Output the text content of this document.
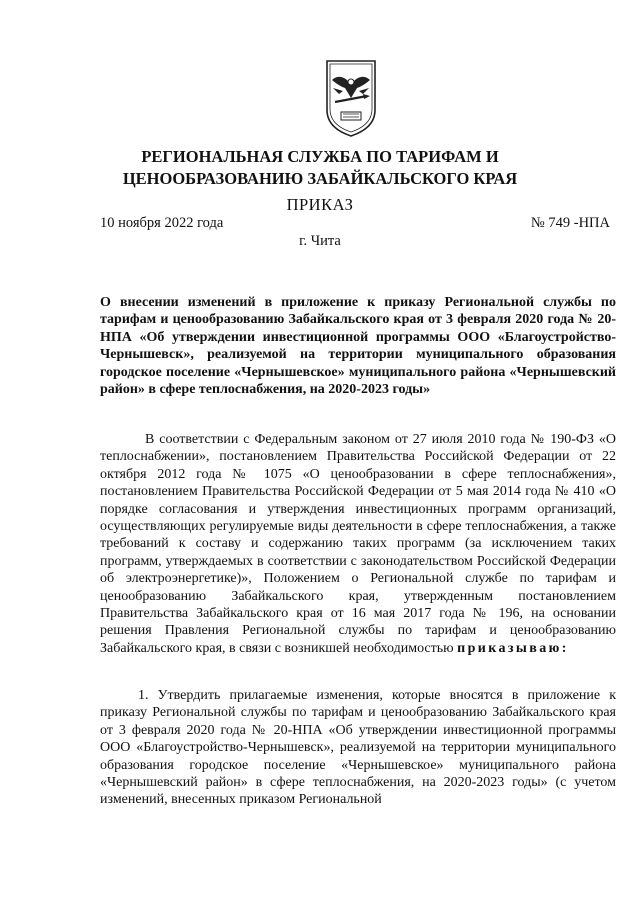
РЕГИОНАЛЬНАЯ СЛУЖБА ПО ТАРИФАМ И
ЦЕНООБРАЗОВАНИЮ ЗАБАЙКАЛЬСКОГО КРАЯ
ПРИКАЗ
10 ноября 2022 года	№ 749 -НПА
г. Чита
О внесении изменений в приложение к приказу Региональной службы по тарифам и ценообразованию Забайкальского края от 3 февраля 2020 года № 20-НПА «Об утверждении инвестиционной программы ООО «Благоустройство-Чернышевск», реализуемой на территории муниципального образования городское поселение «Чернышевское» муниципального района «Чернышевский район» в сфере теплоснабжения, на 2020-2023 годы»

В соответствии с Федеральным законом от 27 июля 2010 года № 190-ФЗ «О теплоснабжении», постановлением Правительства Российской Федерации от 22 октября 2012 года № 1075 «О ценообразовании в сфере теплоснабжения», постановлением Правительства Российской Федерации от 5 мая 2014 года № 410 «О порядке согласования и утверждения инвестиционных программ организаций, осуществляющих регулируемые виды деятельности в сфере теплоснабжения, а также требований к составу и содержанию таких программ (за исключением таких программ, утверждаемых в соответствии с законодательством Российской Федерации об электроэнергетике)», Положением о Региональной службе по тарифам и ценообразованию Забайкальского края, утвержденным постановлением Правительства Забайкальского края от 16 мая 2017 года № 196, на основании решения Правления Региональной службы по тарифам и ценообразованию Забайкальского края, в связи с возникшей необходимостью приказываю:

1. Утвердить прилагаемые изменения, которые вносятся в приложение к приказу Региональной службы по тарифам и ценообразованию Забайкальского края от 3 февраля 2020 года № 20-НПА «Об утверждении инвестиционной программы ООО «Благоустройство-Чернышевск», реализуемой на территории муниципального образования городское поселение «Чернышевское» муниципального района «Чернышевский район» в сфере теплоснабжения, на 2020-2023 годы» (с учетом изменений, внесенных приказом Региональной
